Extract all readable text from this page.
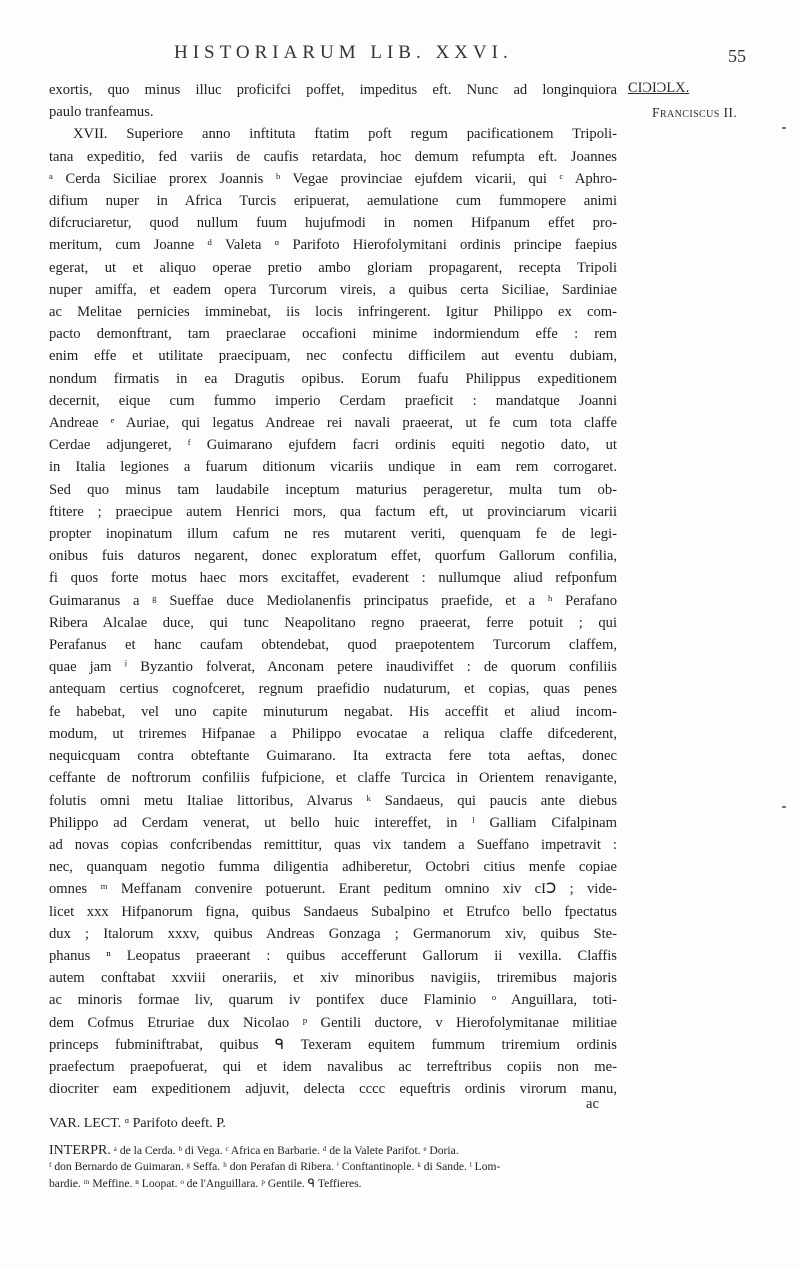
HISTORIARUM LIB. XXVI.	55
CIϽIϽLX.
Franciscus II.
exortis, quo minus illuc proficifci poffet, impeditus eft. Nunc ad longinquiora
paulo tranfeamus.
XVII. Superiore anno inftituta ftatim poft regum pacificationem Tripoli-
tana expeditio, fed variis de caufis retardata, hoc demum refumpta eft. Joannes
ᵃ Cerda Siciliae prorex Joannis ᵇ Vegae provinciae ejufdem vicarii, qui ᶜ Aphro-
difium nuper in Africa Turcis eripuerat, aemulatione cum fummopere animi
difcruciaretur, quod nullum fuum hujufmodi in nomen Hifpanum effet pro-
meritum, cum Joanne ᵈ Valeta ᵅ Parifoto Hierofolymitani ordinis principe faepius
egerat, ut et aliquo operae pretio ambo gloriam propagarent, recepta Tripoli
nuper amiffa, et eadem opera Turcorum vireis, a quibus certa Siciliae, Sardiniae
ac Melitae pernicies imminebat, iis locis infringerent. Igitur Philippo ex com-
pacto demonftrant, tam praeclarae occafioni minime indormiendum effe : rem
enim effe et utilitate praecipuam, nec confectu difficilem aut eventu dubiam,
nondum firmatis in ea Dragutis opibus. Eorum fuafu Philippus expeditionem
decernit, eique cum fummo imperio Cerdam praeficit : mandatque Joanni
Andreae ᵉ Auriae, qui legatus Andreae rei navali praeerat, ut fe cum tota claffe
Cerdae adjungeret, ᶠ Guimarano ejufdem facri ordinis equiti negotio dato, ut
in Italia legiones a fuarum ditionum vicariis undique in eam rem corrogaret.
Sed quo minus tam laudabile inceptum maturius perageretur, multa tum ob-
ftitere ; praecipue autem Henrici mors, qua factum eft, ut provinciarum vicarii
propter inopinatum illum cafum ne res mutarent veriti, quenquam fe de legi-
onibus fuis daturos negarent, donec exploratum effet, quorfum Gallorum confilia,
fi quos forte motus haec mors excitaffet, evaderent : nullumque aliud refponfum
Guimaranus a ᵍ Sueffae duce Mediolanenfis principatus praefide, et a ʰ Perafano
Ribera Alcalae duce, qui tunc Neapolitano regno praeerat, ferre potuit ; qui
Perafanus et hanc caufam obtendebat, quod praepotentem Turcorum claffem,
quae jam ⁱ Byzantio folverat, Anconam petere inaudiviffet : de quorum confiliis
antequam certius cognofceret, regnum praefidio nudaturum, et copias, quas penes
fe habebat, vel uno capite minuturum negabat. His acceffit et aliud incom-
modum, ut triremes Hifpanae a Philippo evocatae a reliqua claffe difcederent,
nequicquam contra obteftante Guimarano. Ita extracta fere tota aeftas, donec
ceffante de noftrorum confiliis fufpicione, et claffe Turcica in Orientem renavigante,
folutis omni metu Italiae littoribus, Alvarus ᵏ Sandaeus, qui paucis ante diebus
Philippo ad Cerdam venerat, ut bello huic intereffet, in ˡ Galliam Cifalpinam
ad novas copias confcribendas remittitur, quas vix tandem a Sueffano impetravit :
nec, quanquam negotio fumma diligentia adhiberetur, Octobri citius menfe copiae
omnes ᵐ Meffanam convenire potuerunt. Erant peditum omnino xiv cIↃ ; vide-
licet xxx Hifpanorum figna, quibus Sandaeus Subalpino et Etrufco bello fpectatus
dux ; Italorum xxxv, quibus Andreas Gonzaga ; Germanorum xiv, quibus Ste-
phanus ⁿ Leopatus praeerant : quibus accefferunt Gallorum ii vexilla. Claffis
autem conftabat xxviii onerariis, et xiv minoribus navigiis, triremibus majoris
ac minoris formae liv, quarum iv pontifex duce Flaminio ᵒ Anguillara, toti-
dem Cofmus Etruriae dux Nicolao ᵖ Gentili ductore, v Hierofolymitanae militiae
princeps fubminiftrabat, quibus ᑫ Texeram equitem fummum triremium ordinis
praefectum praepofuerat, qui et idem navalibus ac terreftribus copiis non me-
diocriter eam expeditionem adjuvit, delecta cccc equeftris ordinis virorum manu,
ac
VAR. LECT. ᵅ Parifoto deeft. P.
INTERPR. ᵃ de la Cerda. ᵇ di Vega. ᶜ Africa en Barbarie. ᵈ de la Valete Parifot. ᵉ Doria.
ᶠ don Bernardo de Guimaran. ᵍ Seffa. ʰ don Perafan di Ribera. ⁱ Conftantinople. ᵏ di Sande. ˡ Lom-
bardie. ᵐ Meffine. ⁿ Loopat. ᵒ de l'Anguillara. ᵖ Gentile. ᑫ Teffieres.
